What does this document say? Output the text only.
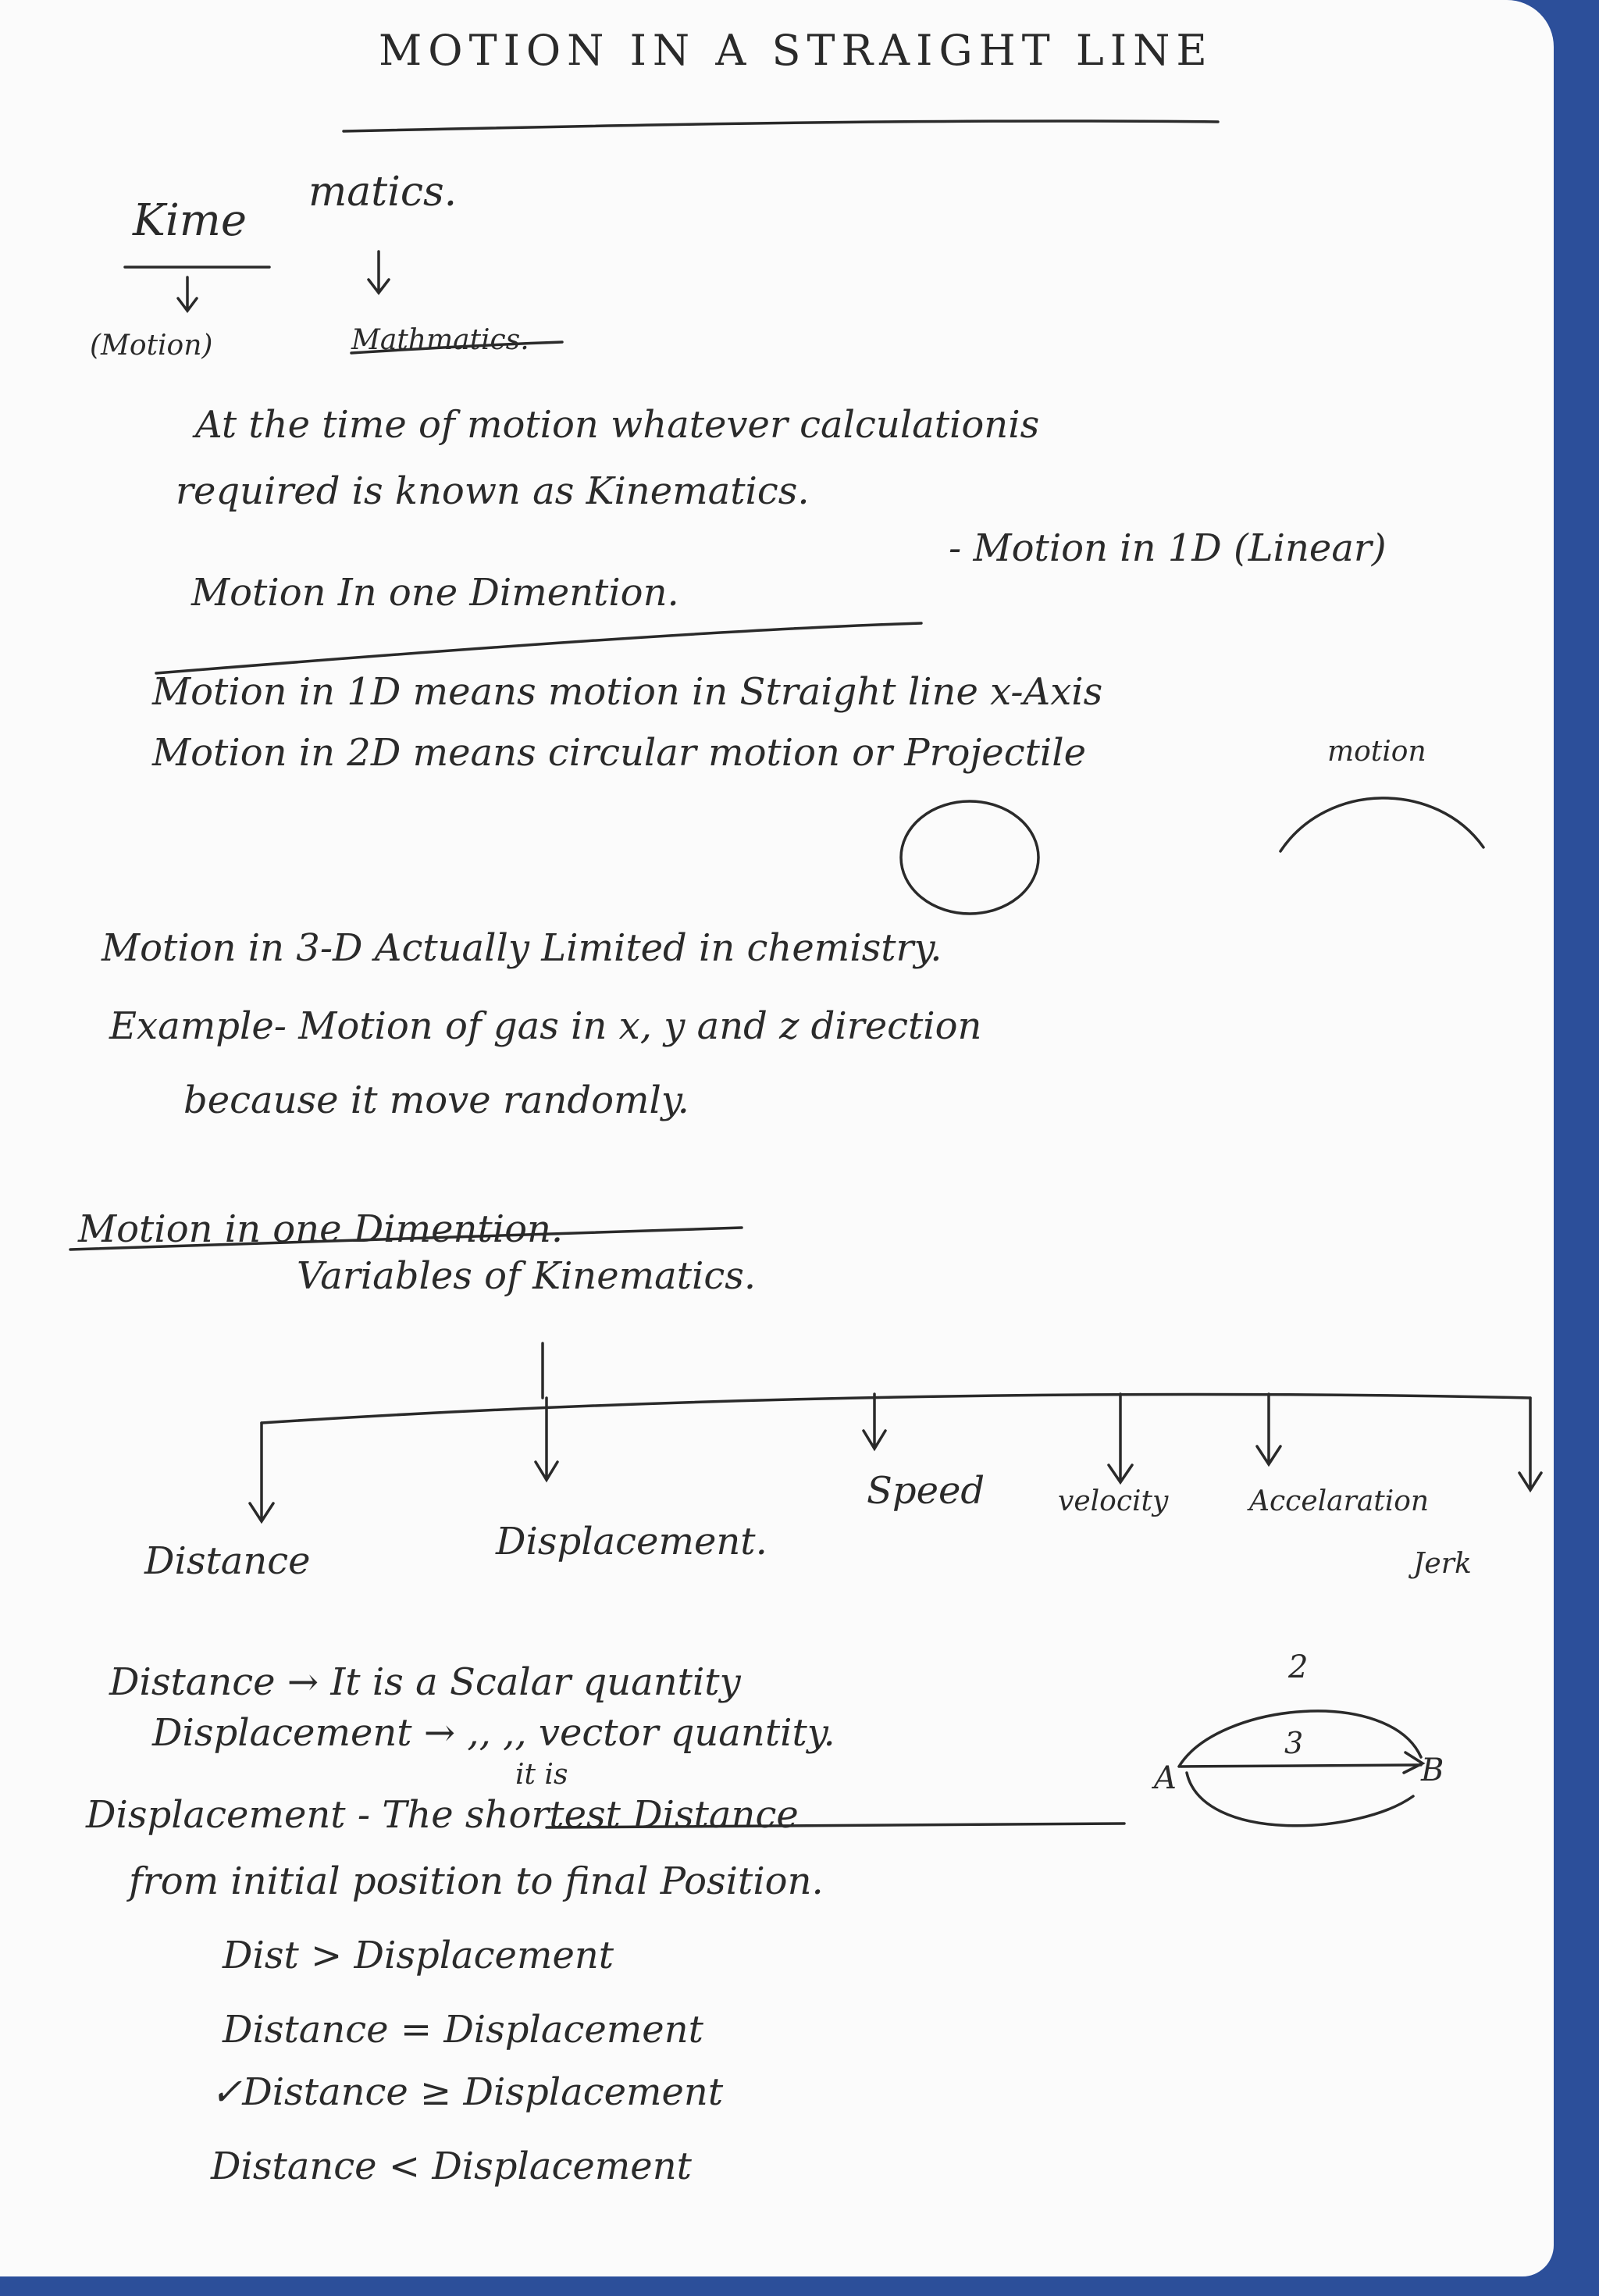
MOTION IN A STRAIGHT LINE
Kime
matics.
(Motion)	Mathmatics.
At the time of motion whatever calculationis
required is known as Kinematics.
Motion In one Dimention.
- Motion in 1D (Linear)
Motion in 1D means motion in Straight line x-Axis
Motion in 2D means circular motion or Projectile	motion
Motion in 3-D Actually Limited in chemistry.
Example- Motion of gas in x, y and z direction
because it move randomly.
Motion in one Dimention.
Variables of Kinematics.
Distance	Displacement.
Speed	velocity	Accelaration
Jerk
Distance → It is a Scalar quantity
Displacement → ,, ,, vector quantity.
it is
Displacement - The shortest Distance
from initial position to final Position.
Dist > Displacement
Distance = Displacement
✓Distance ≥ Displacement
Distance < Displacement
2
3
A	B
